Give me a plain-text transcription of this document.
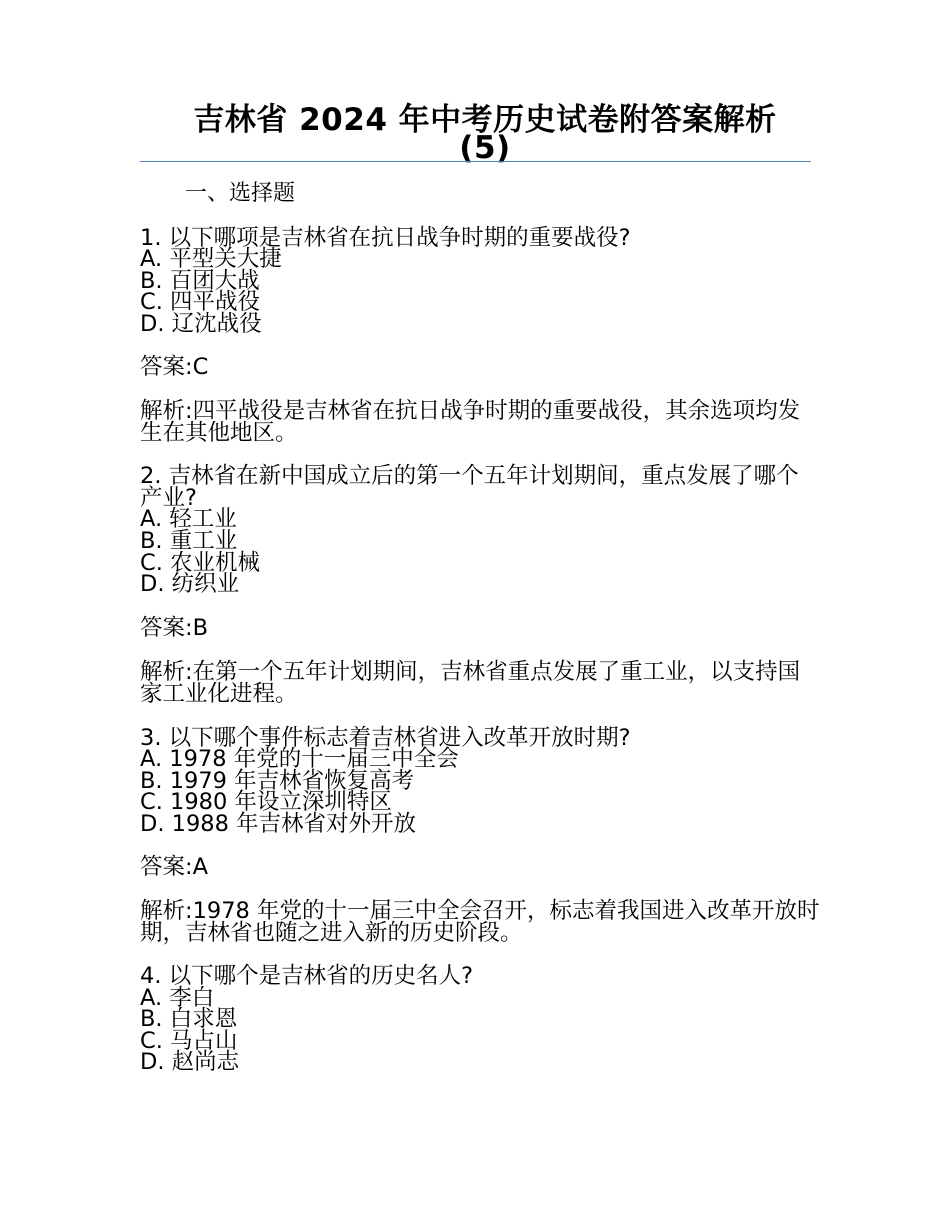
吉林省 2024 年中考历史试卷附答案解析
(5)
一、选择题
1. 以下哪项是吉林省在抗日战争时期的重要战役?
A. 平型关大捷
B. 百团大战
C. 四平战役
D. 辽沈战役
答案:C
解析:四平战役是吉林省在抗日战争时期的重要战役，其余选项均发生在其他地区。
2. 吉林省在新中国成立后的第一个五年计划期间，重点发展了哪个产业?
A. 轻工业
B. 重工业
C. 农业机械
D. 纺织业
答案:B
解析:在第一个五年计划期间，吉林省重点发展了重工业，以支持国家工业化进程。
3. 以下哪个事件标志着吉林省进入改革开放时期?
A. 1978 年党的十一届三中全会
B. 1979 年吉林省恢复高考
C. 1980 年设立深圳特区
D. 1988 年吉林省对外开放
答案:A
解析:1978 年党的十一届三中全会召开，标志着我国进入改革开放时期，吉林省也随之进入新的历史阶段。
4. 以下哪个是吉林省的历史名人?
A. 李白
B. 白求恩
C. 马占山
D. 赵尚志
